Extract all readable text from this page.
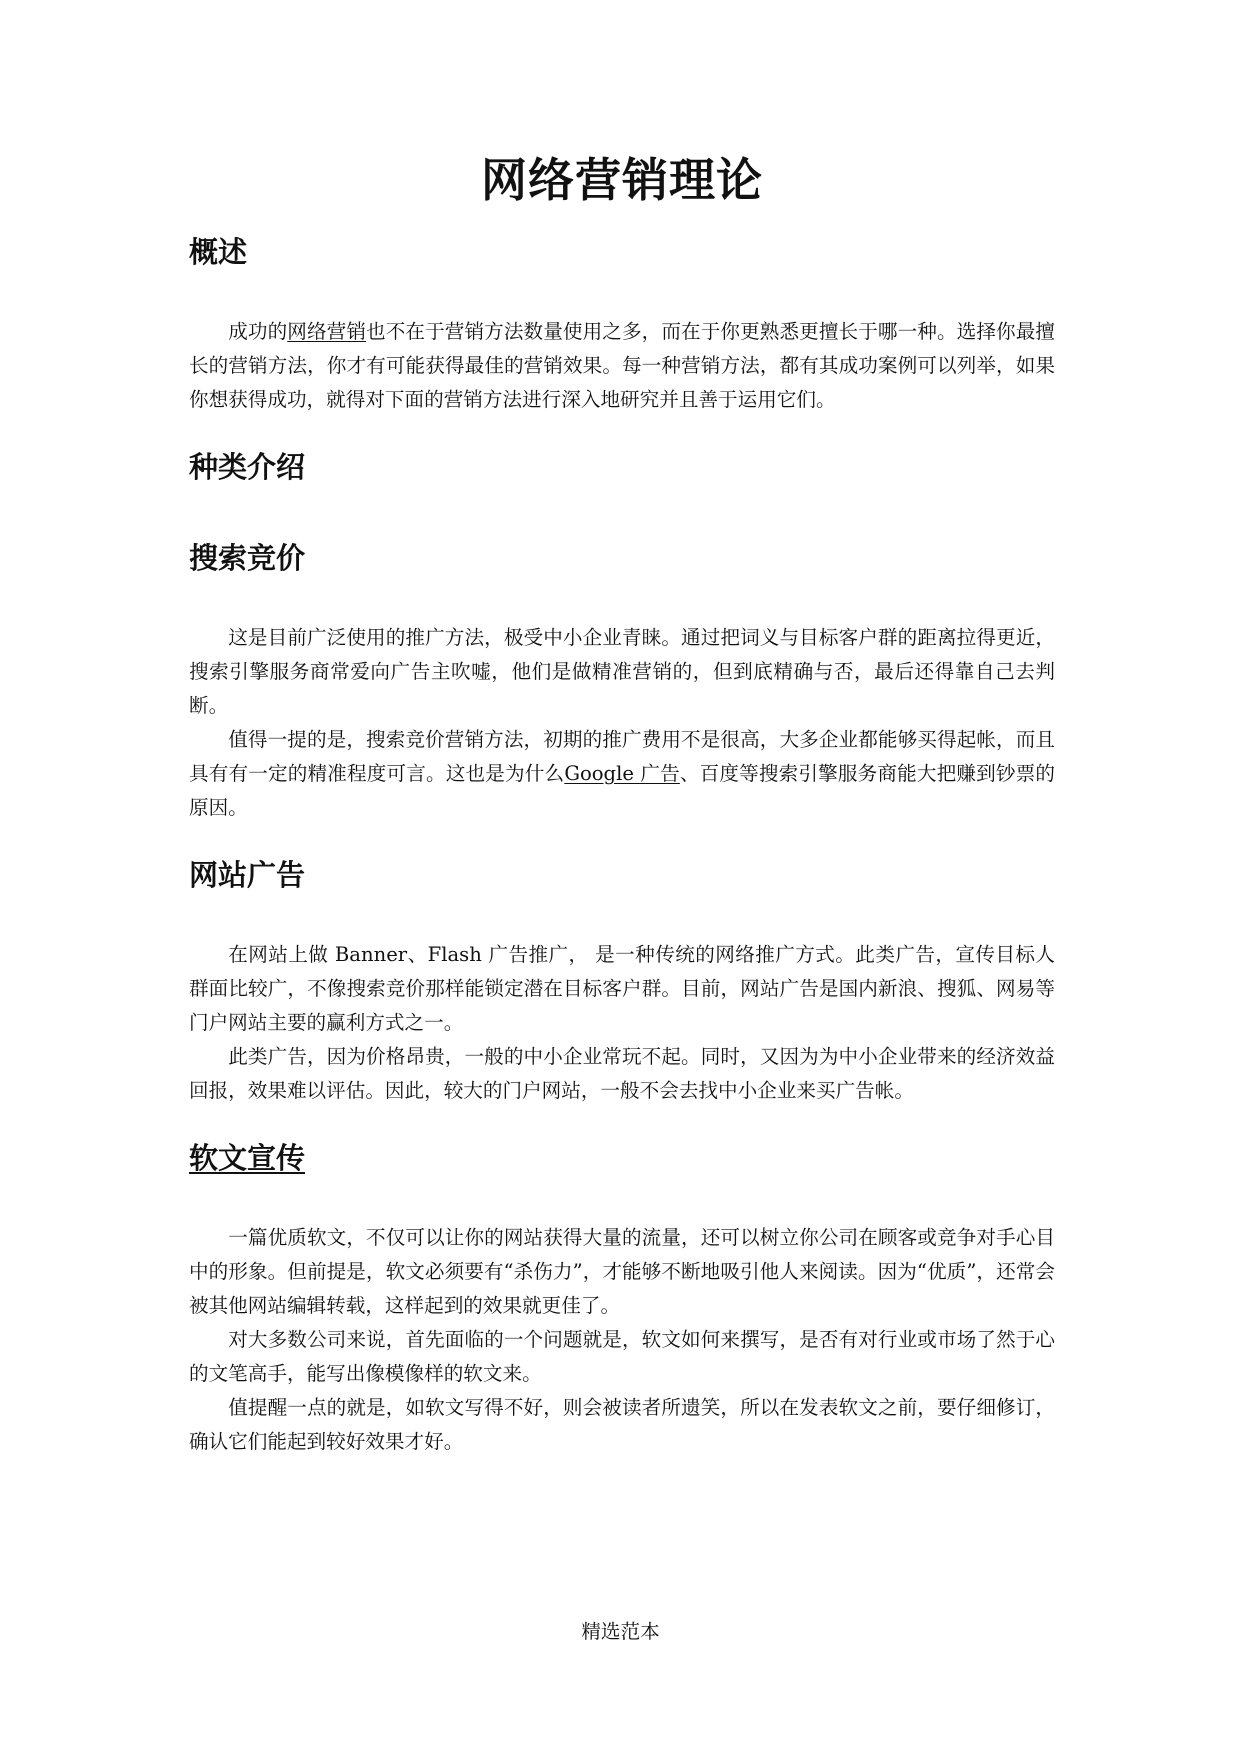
网络营销理论
概述

成功的网络营销也不在于营销方法数量使用之多，而在于你更熟悉更擅长于哪一种。选择你最擅长的营销方法，你才有可能获得最佳的营销效果。每一种营销方法，都有其成功案例可以列举，如果你想获得成功，就得对下面的营销方法进行深入地研究并且善于运用它们。

种类介绍
搜索竞价

这是目前广泛使用的推广方法，极受中小企业青睐。通过把词义与目标客户群的距离拉得更近，搜索引擎服务商常爱向广告主吹嘘，他们是做精准营销的，但到底精确与否，最后还得靠自己去判断。

值得一提的是，搜索竞价营销方法，初期的推广费用不是很高，大多企业都能够买得起帐，而且具有有一定的精准程度可言。这也是为什么Google 广告、百度等搜索引擎服务商能大把赚到钞票的原因。

网站广告

在网站上做 Banner、Flash 广告推广， 是一种传统的网络推广方式。此类广告，宣传目标人群面比较广，不像搜索竞价那样能锁定潜在目标客户群。目前，网站广告是国内新浪、搜狐、网易等门户网站主要的赢利方式之一。

此类广告，因为价格昂贵，一般的中小企业常玩不起。同时，又因为为中小企业带来的经济效益回报，效果难以评估。因此，较大的门户网站，一般不会去找中小企业来买广告帐。

软文宣传

一篇优质软文，不仅可以让你的网站获得大量的流量，还可以树立你公司在顾客或竞争对手心目中的形象。但前提是，软文必须要有“杀伤力”，才能够不断地吸引他人来阅读。因为“优质”，还常会被其他网站编辑转载，这样起到的效果就更佳了。

对大多数公司来说，首先面临的一个问题就是，软文如何来撰写，是否有对行业或市场了然于心的文笔高手，能写出像模像样的软文来。

值提醒一点的就是，如软文写得不好，则会被读者所遗笑，所以在发表软文之前，要仔细修订，确认它们能起到较好效果才好。

精选范本
